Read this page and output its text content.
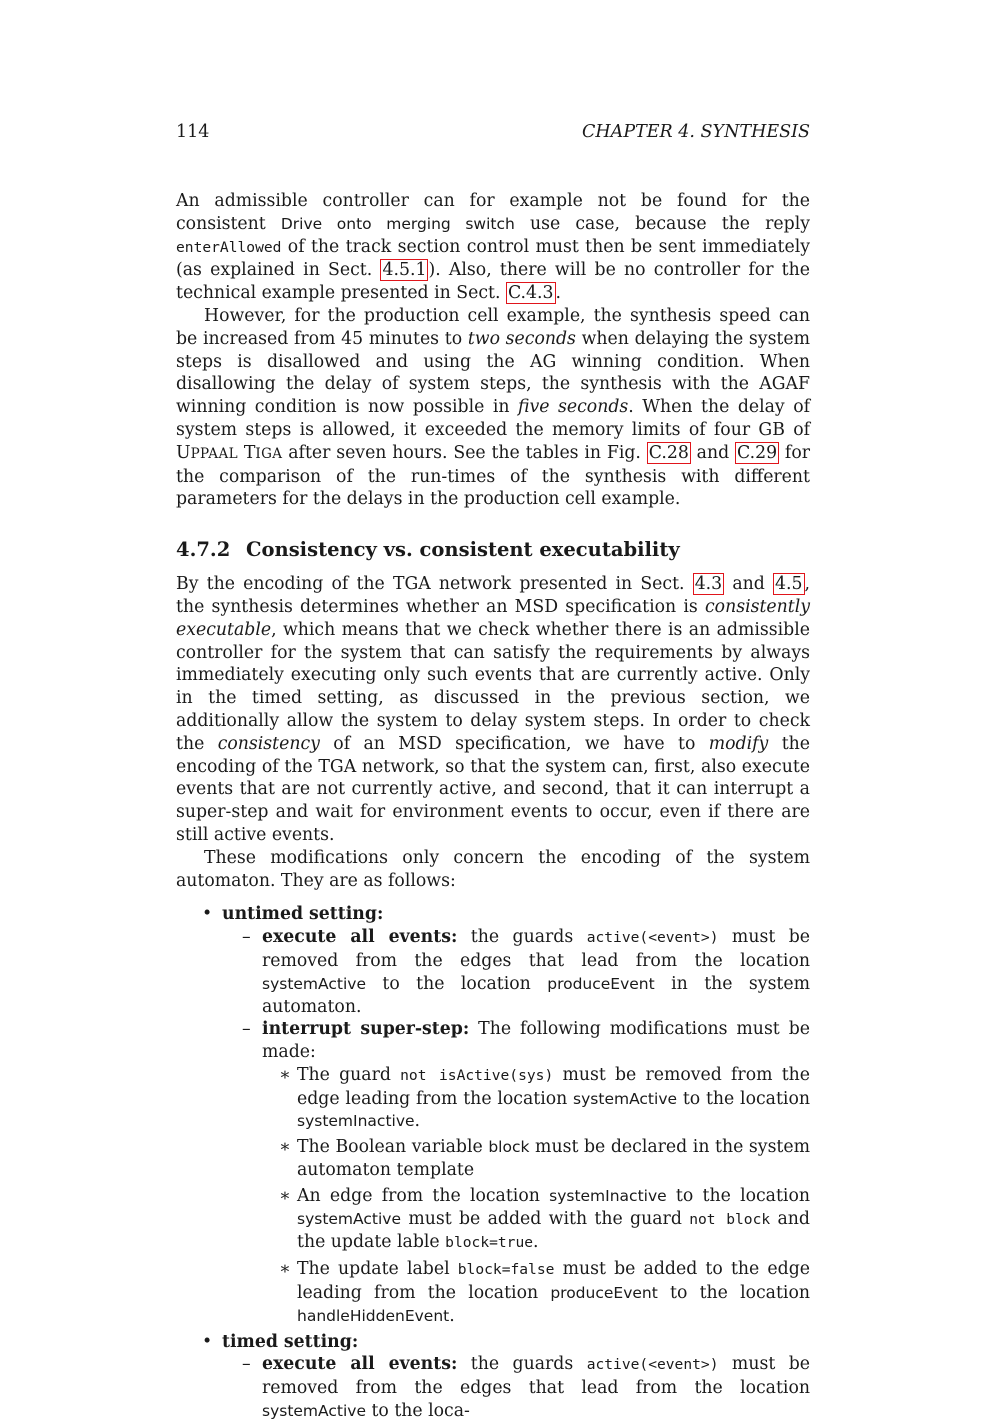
114	CHAPTER 4. SYNTHESIS

An admissible controller can for example not be found for the consistent Drive onto merging switch use case, because the reply enterAllowed of the track section control must then be sent immediately (as explained in Sect. 4.5.1 ). Also, there will be no controller for the technical example presented in Sect. C.4.3 .

However, for the production cell example, the synthesis speed can be increased from 45 minutes to two seconds when delaying the system steps is disallowed and using the AG winning condition. When disallowing the delay of system steps, the synthesis with the AGAF winning condition is now possible in five seconds. When the delay of system steps is allowed, it exceeded the memory limits of four GB of UPPAAL TIGA after seven hours. See the tables in Fig. C.28 and C.29 for the comparison of the run-times of the synthesis with different parameters for the delays in the production cell example.

4.7.2 Consistency vs. consistent executability

By the encoding of the TGA network presented in Sect. 4.3 and 4.5 , the synthesis determines whether an MSD specification is consistently executable, which means that we check whether there is an admissible controller for the system that can satisfy the requirements by always immediately executing only such events that are currently active. Only in the timed setting, as discussed in the previous section, we additionally allow the system to delay system steps. In order to check the consistency of an MSD specification, we have to modify the encoding of the TGA network, so that the system can, first, also execute events that are not currently active, and second, that it can interrupt a super-step and wait for environment events to occur, even if there are still active events.

These modifications only concern the encoding of the system automaton. They are as follows:

• untimed setting:
– execute all events: the guards active(<event>) must be removed from the edges that lead from the location systemActive to the location produceEvent in the system automaton.
– interrupt super-step: The following modifications must be made:
∗ The guard not isActive(sys) must be removed from the edge leading from the location systemActive to the location systemInactive.
∗ The Boolean variable block must be declared in the system automaton template
∗ An edge from the location systemInactive to the location systemActive must be added with the guard not block and the update lable block=true.
∗ The update label block=false must be added to the edge leading from the location produceEvent to the location handleHiddenEvent.
• timed setting:
– execute all events: the guards active(<event>) must be removed from the edges that lead from the location systemActive to the loca-
